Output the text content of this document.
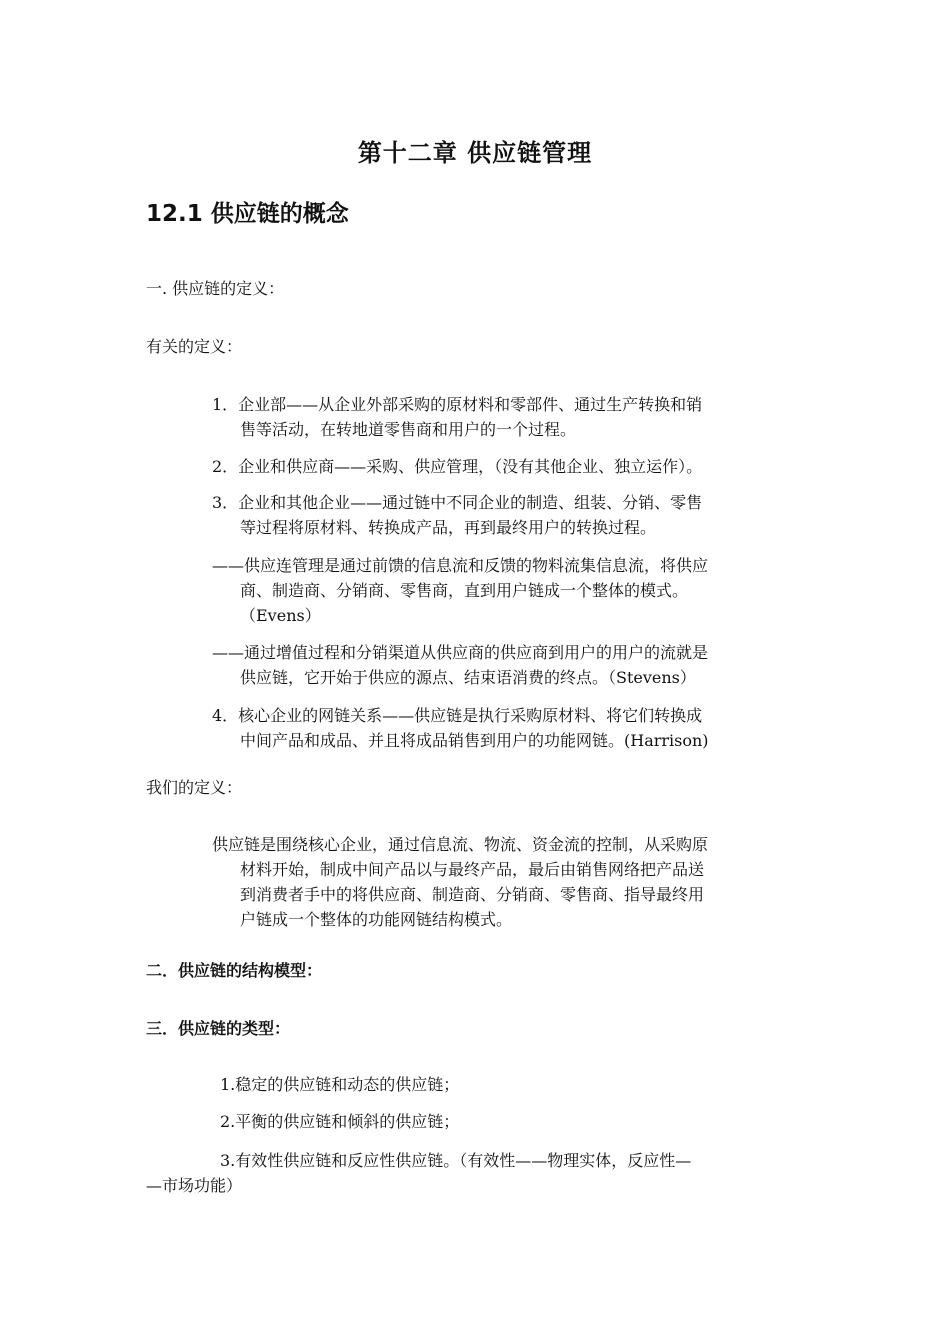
第十二章 供应链管理
12.1 供应链的概念
一. 供应链的定义：
有关的定义：
1．企业部——从企业外部采购的原材料和零部件、通过生产转换和销
售等活动，在转地道零售商和用户的一个过程。
2．企业和供应商——采购、供应管理，（没有其他企业、独立运作）。
3．企业和其他企业——通过链中不同企业的制造、组装、分销、零售
等过程将原材料、转换成产品，再到最终用户的转换过程。
——供应连管理是通过前馈的信息流和反馈的物料流集信息流，将供应
商、制造商、分销商、零售商，直到用户链成一个整体的模式。
（Evens）
——通过增值过程和分销渠道从供应商的供应商到用户的用户的流就是
供应链，它开始于供应的源点、结束语消费的终点。（Stevens）
4．核心企业的网链关系——供应链是执行采购原材料、将它们转换成
中间产品和成品、并且将成品销售到用户的功能网链。(Harrison)
我们的定义：
供应链是围绕核心企业，通过信息流、物流、资金流的控制，从采购原
材料开始，制成中间产品以与最终产品，最后由销售网络把产品送
到消费者手中的将供应商、制造商、分销商、零售商、指导最终用
户链成一个整体的功能网链结构模式。
二．供应链的结构模型：
三．供应链的类型：
1.稳定的供应链和动态的供应链；
2.平衡的供应链和倾斜的供应链；
3.有效性供应链和反应性供应链。（有效性——物理实体，反应性—
—市场功能）
